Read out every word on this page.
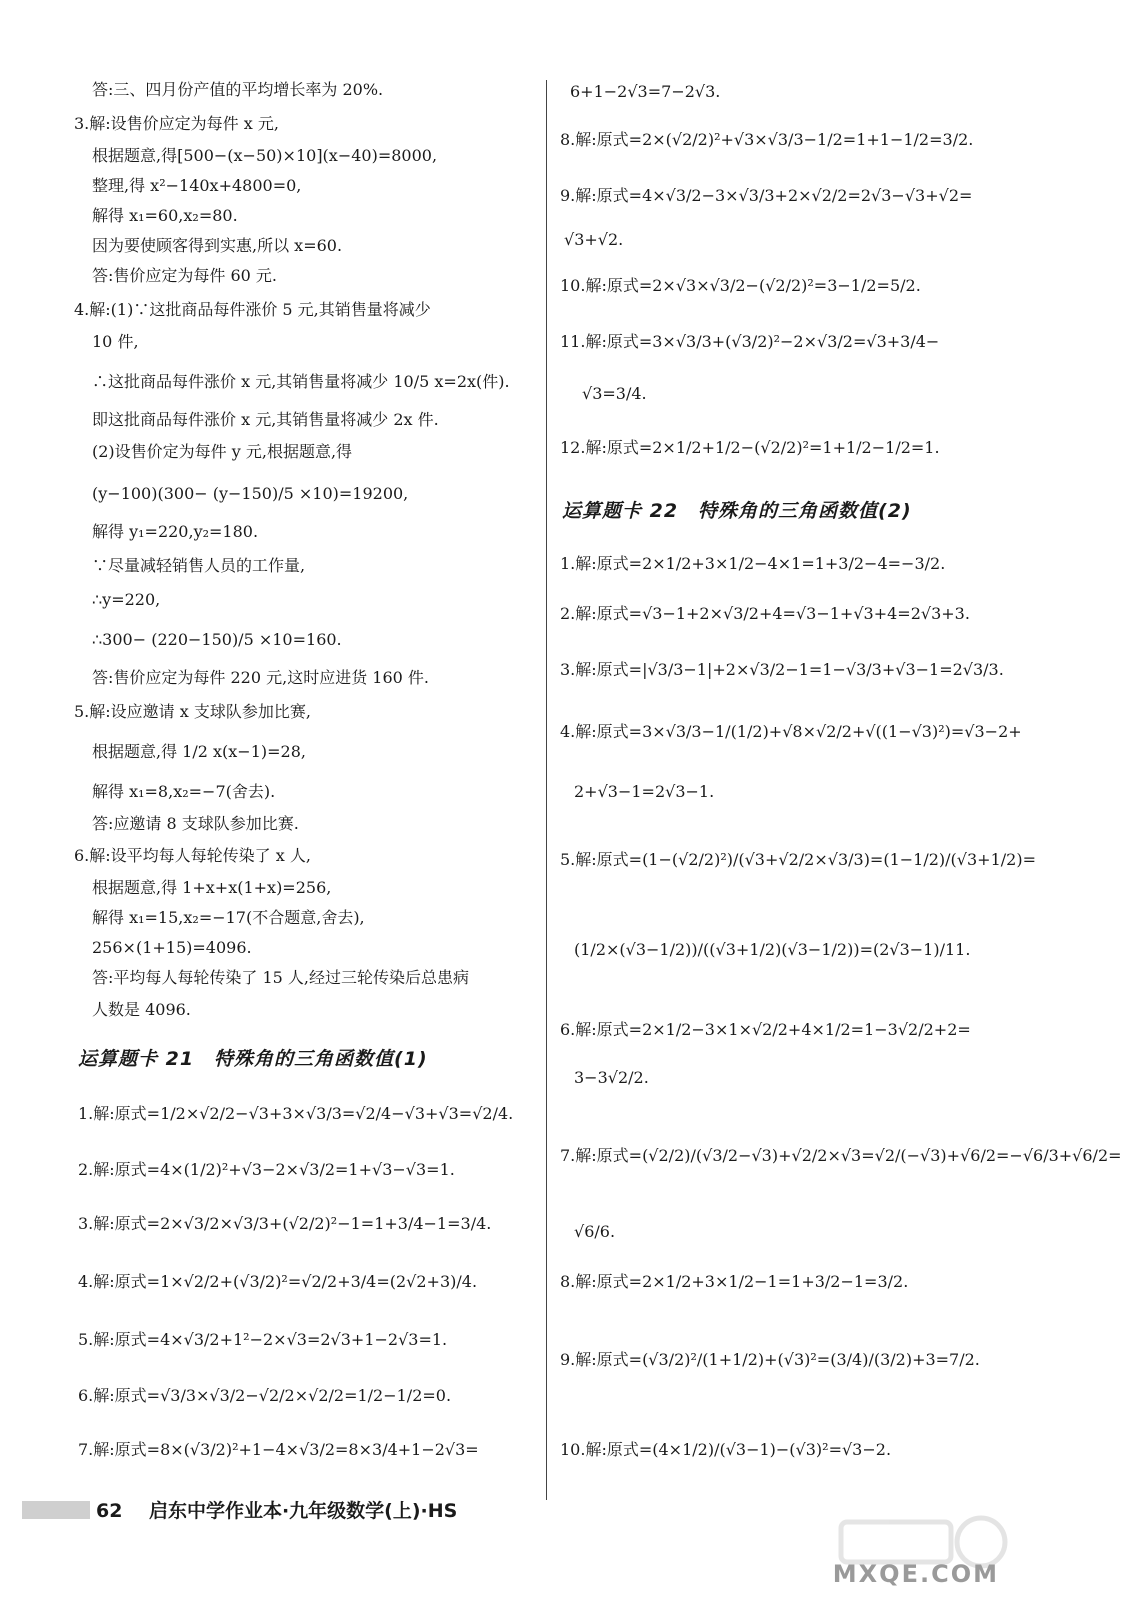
答:三、四月份产值的平均增长率为 20%.
3.解:设售价应定为每件 x 元,
根据题意,得[500−(x−50)×10](x−40)=8000,
整理,得 x²−140x+4800=0,
解得 x₁=60,x₂=80.
因为要使顾客得到实惠,所以 x=60.
答:售价应定为每件 60 元.
4.解:(1)∵这批商品每件涨价 5 元,其销售量将减少
10 件,
∴这批商品每件涨价 x 元,其销售量将减少 10/5 x=2x(件).
即这批商品每件涨价 x 元,其销售量将减少 2x 件.
(2)设售价定为每件 y 元,根据题意,得
(y−100)(300− (y−150)/5 ×10)=19200,
解得 y₁=220,y₂=180.
∵尽量减轻销售人员的工作量,
∴y=220,
∴300− (220−150)/5 ×10=160.
答:售价应定为每件 220 元,这时应进货 160 件.
5.解:设应邀请 x 支球队参加比赛,
根据题意,得 1/2 x(x−1)=28,
解得 x₁=8,x₂=−7(舍去).
答:应邀请 8 支球队参加比赛.
6.解:设平均每人每轮传染了 x 人,
根据题意,得 1+x+x(1+x)=256,
解得 x₁=15,x₂=−17(不合题意,舍去),
256×(1+15)=4096.
答:平均每人每轮传染了 15 人,经过三轮传染后总患病
人数是 4096.
运算题卡 21　特殊角的三角函数值(1)
1.解:原式=1/2×√2/2−√3+3×√3/3=√2/4−√3+√3=√2/4.
2.解:原式=4×(1/2)²+√3−2×√3/2=1+√3−√3=1.
3.解:原式=2×√3/2×√3/3+(√2/2)²−1=1+3/4−1=3/4.
4.解:原式=1×√2/2+(√3/2)²=√2/2+3/4=(2√2+3)/4.
5.解:原式=4×√3/2+1²−2×√3=2√3+1−2√3=1.
6.解:原式=√3/3×√3/2−√2/2×√2/2=1/2−1/2=0.
7.解:原式=8×(√3/2)²+1−4×√3/2=8×3/4+1−2√3=
6+1−2√3=7−2√3.
8.解:原式=2×(√2/2)²+√3×√3/3−1/2=1+1−1/2=3/2.
9.解:原式=4×√3/2−3×√3/3+2×√2/2=2√3−√3+√2=
√3+√2.
10.解:原式=2×√3×√3/2−(√2/2)²=3−1/2=5/2.
11.解:原式=3×√3/3+(√3/2)²−2×√3/2=√3+3/4−
√3=3/4.
12.解:原式=2×1/2+1/2−(√2/2)²=1+1/2−1/2=1.
运算题卡 22　特殊角的三角函数值(2)
1.解:原式=2×1/2+3×1/2−4×1=1+3/2−4=−3/2.
2.解:原式=√3−1+2×√3/2+4=√3−1+√3+4=2√3+3.
3.解:原式=|√3/3−1|+2×√3/2−1=1−√3/3+√3−1=2√3/3.
4.解:原式=3×√3/3−1/(1/2)+√8×√2/2+√((1−√3)²)=√3−2+
2+√3−1=2√3−1.
5.解:原式=(1−(√2/2)²)/(√3+√2/2×√3/3)=(1−1/2)/(√3+1/2)=
(1/2×(√3−1/2))/((√3+1/2)(√3−1/2))=(2√3−1)/11.
6.解:原式=2×1/2−3×1×√2/2+4×1/2=1−3√2/2+2=
3−3√2/2.
7.解:原式=(√2/2)/(√3/2−√3)+√2/2×√3=√2/(−√3)+√6/2=−√6/3+√6/2=
√6/6.
8.解:原式=2×1/2+3×1/2−1=1+3/2−1=3/2.
9.解:原式=(√3/2)²/(1+1/2)+(√3)²=(3/4)/(3/2)+3=7/2.
10.解:原式=(4×1/2)/(√3−1)−(√3)²=√3−2.
62 启东中学作业本·九年级数学(上)·HS
MXQE.COM
